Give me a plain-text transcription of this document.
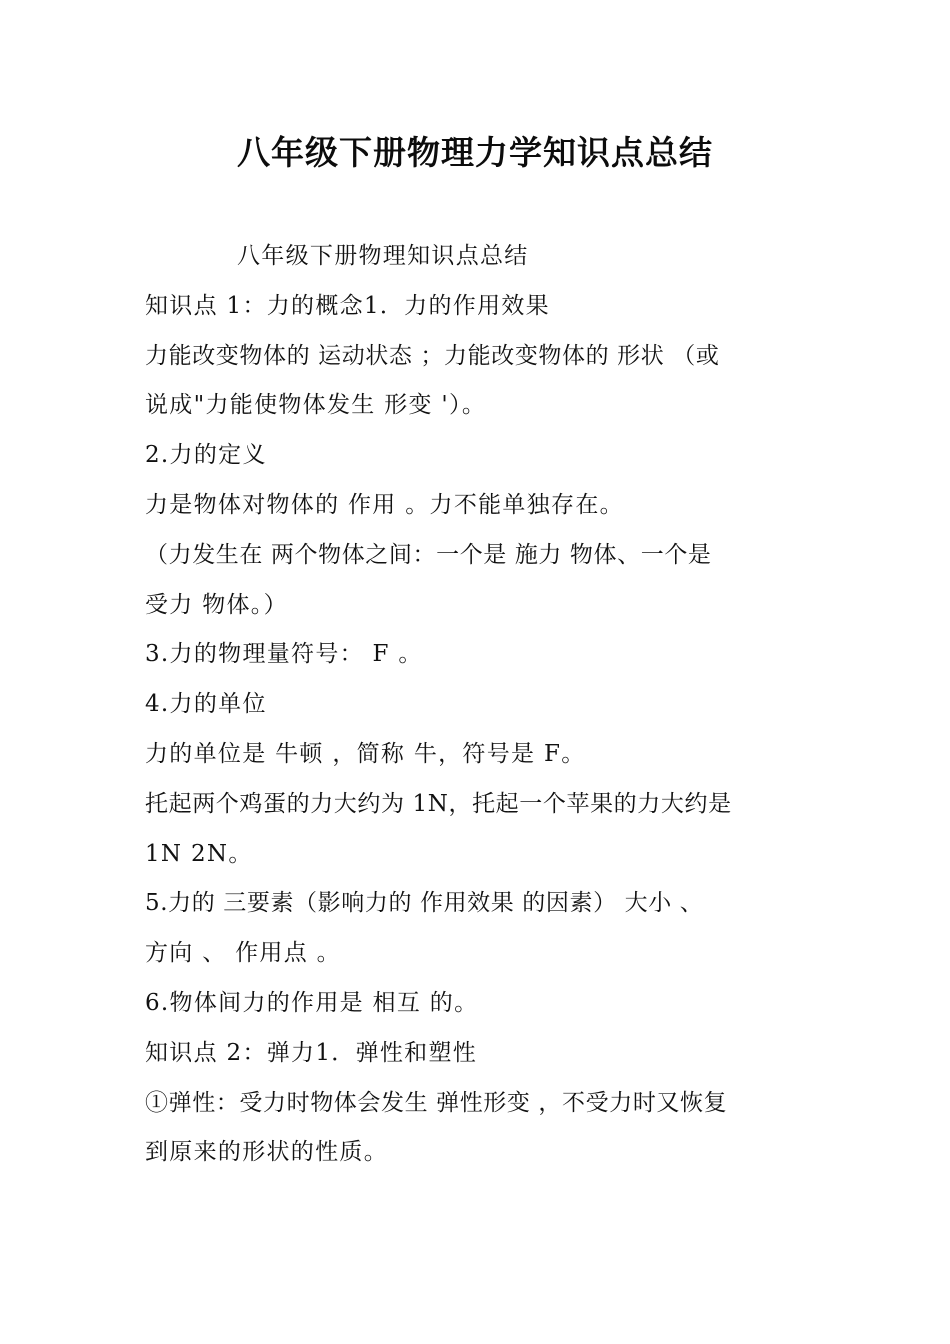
八年级下册物理力学知识点总结
八年级下册物理知识点总结
知识点 1：力的概念1．力的作用效果
力能改变物体的 运动状态 ；力能改变物体的 形状 （或
说成"力能使物体发生 形变 '）。
2.力的定义
力是物体对物体的 作用 。力不能单独存在。
（力发生在 两个物体之间：一个是 施力 物体、一个是
受力 物体。）
3.力的物理量符号： F 。
4.力的单位
力的单位是 牛顿 ，简称 牛，符号是 F。
托起两个鸡蛋的力大约为 1N，托起一个苹果的力大约是
1N 2N。
5.力的 三要素（影响力的 作用效果 的因素） 大小 、
方向 、 作用点 。
6.物体间力的作用是 相互 的。
知识点 2：弹力1．弹性和塑性
①弹性：受力时物体会发生 弹性形变 ，不受力时又恢复
到原来的形状的性质。
